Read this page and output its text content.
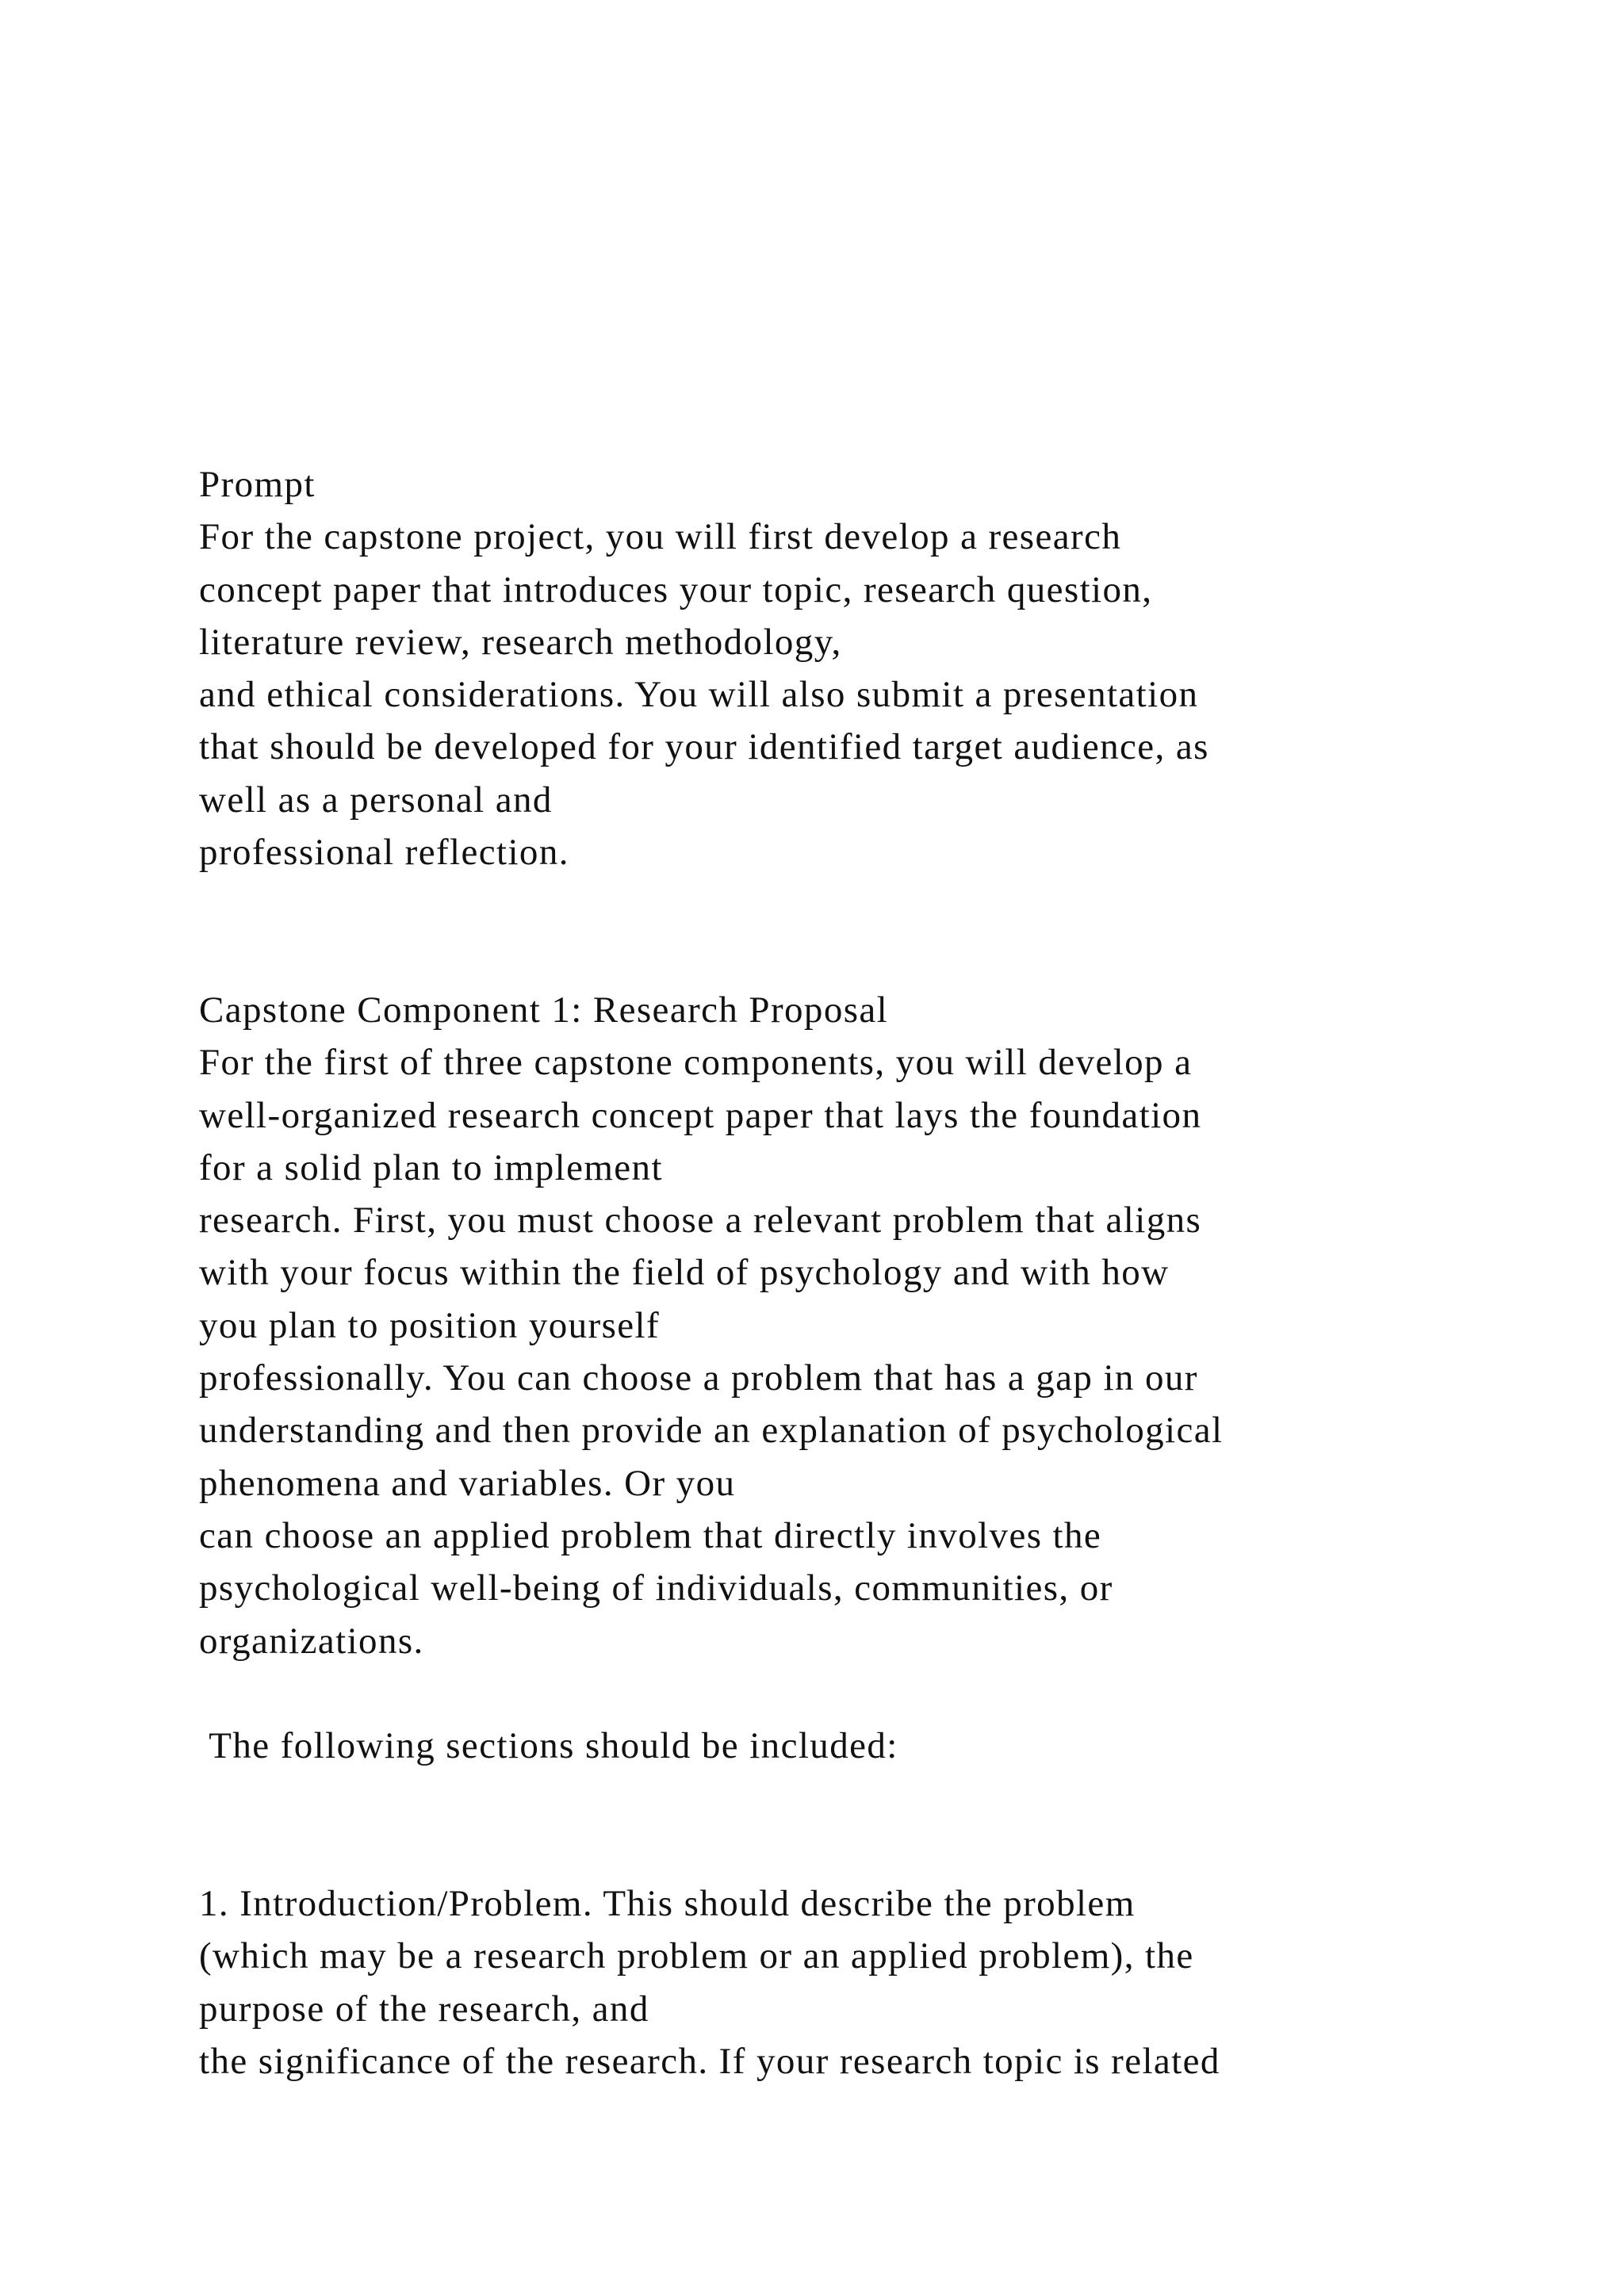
Prompt
For the capstone project, you will first develop a research
concept paper that introduces your topic, research question,
literature review, research methodology,
and ethical considerations. You will also submit a presentation
that should be developed for your identified target audience, as
well as a personal and
professional reflection.
Capstone Component 1: Research Proposal
For the first of three capstone components, you will develop a
well-organized research concept paper that lays the foundation
for a solid plan to implement
research. First, you must choose a relevant problem that aligns
with your focus within the field of psychology and with how
you plan to position yourself
professionally. You can choose a problem that has a gap in our
understanding and then provide an explanation of psychological
phenomena and variables. Or you
can choose an applied problem that directly involves the
psychological well-being of individuals, communities, or
organizations.
The following sections should be included:
1. Introduction/Problem. This should describe the problem
(which may be a research problem or an applied problem), the
purpose of the research, and
the significance of the research. If your research topic is related
